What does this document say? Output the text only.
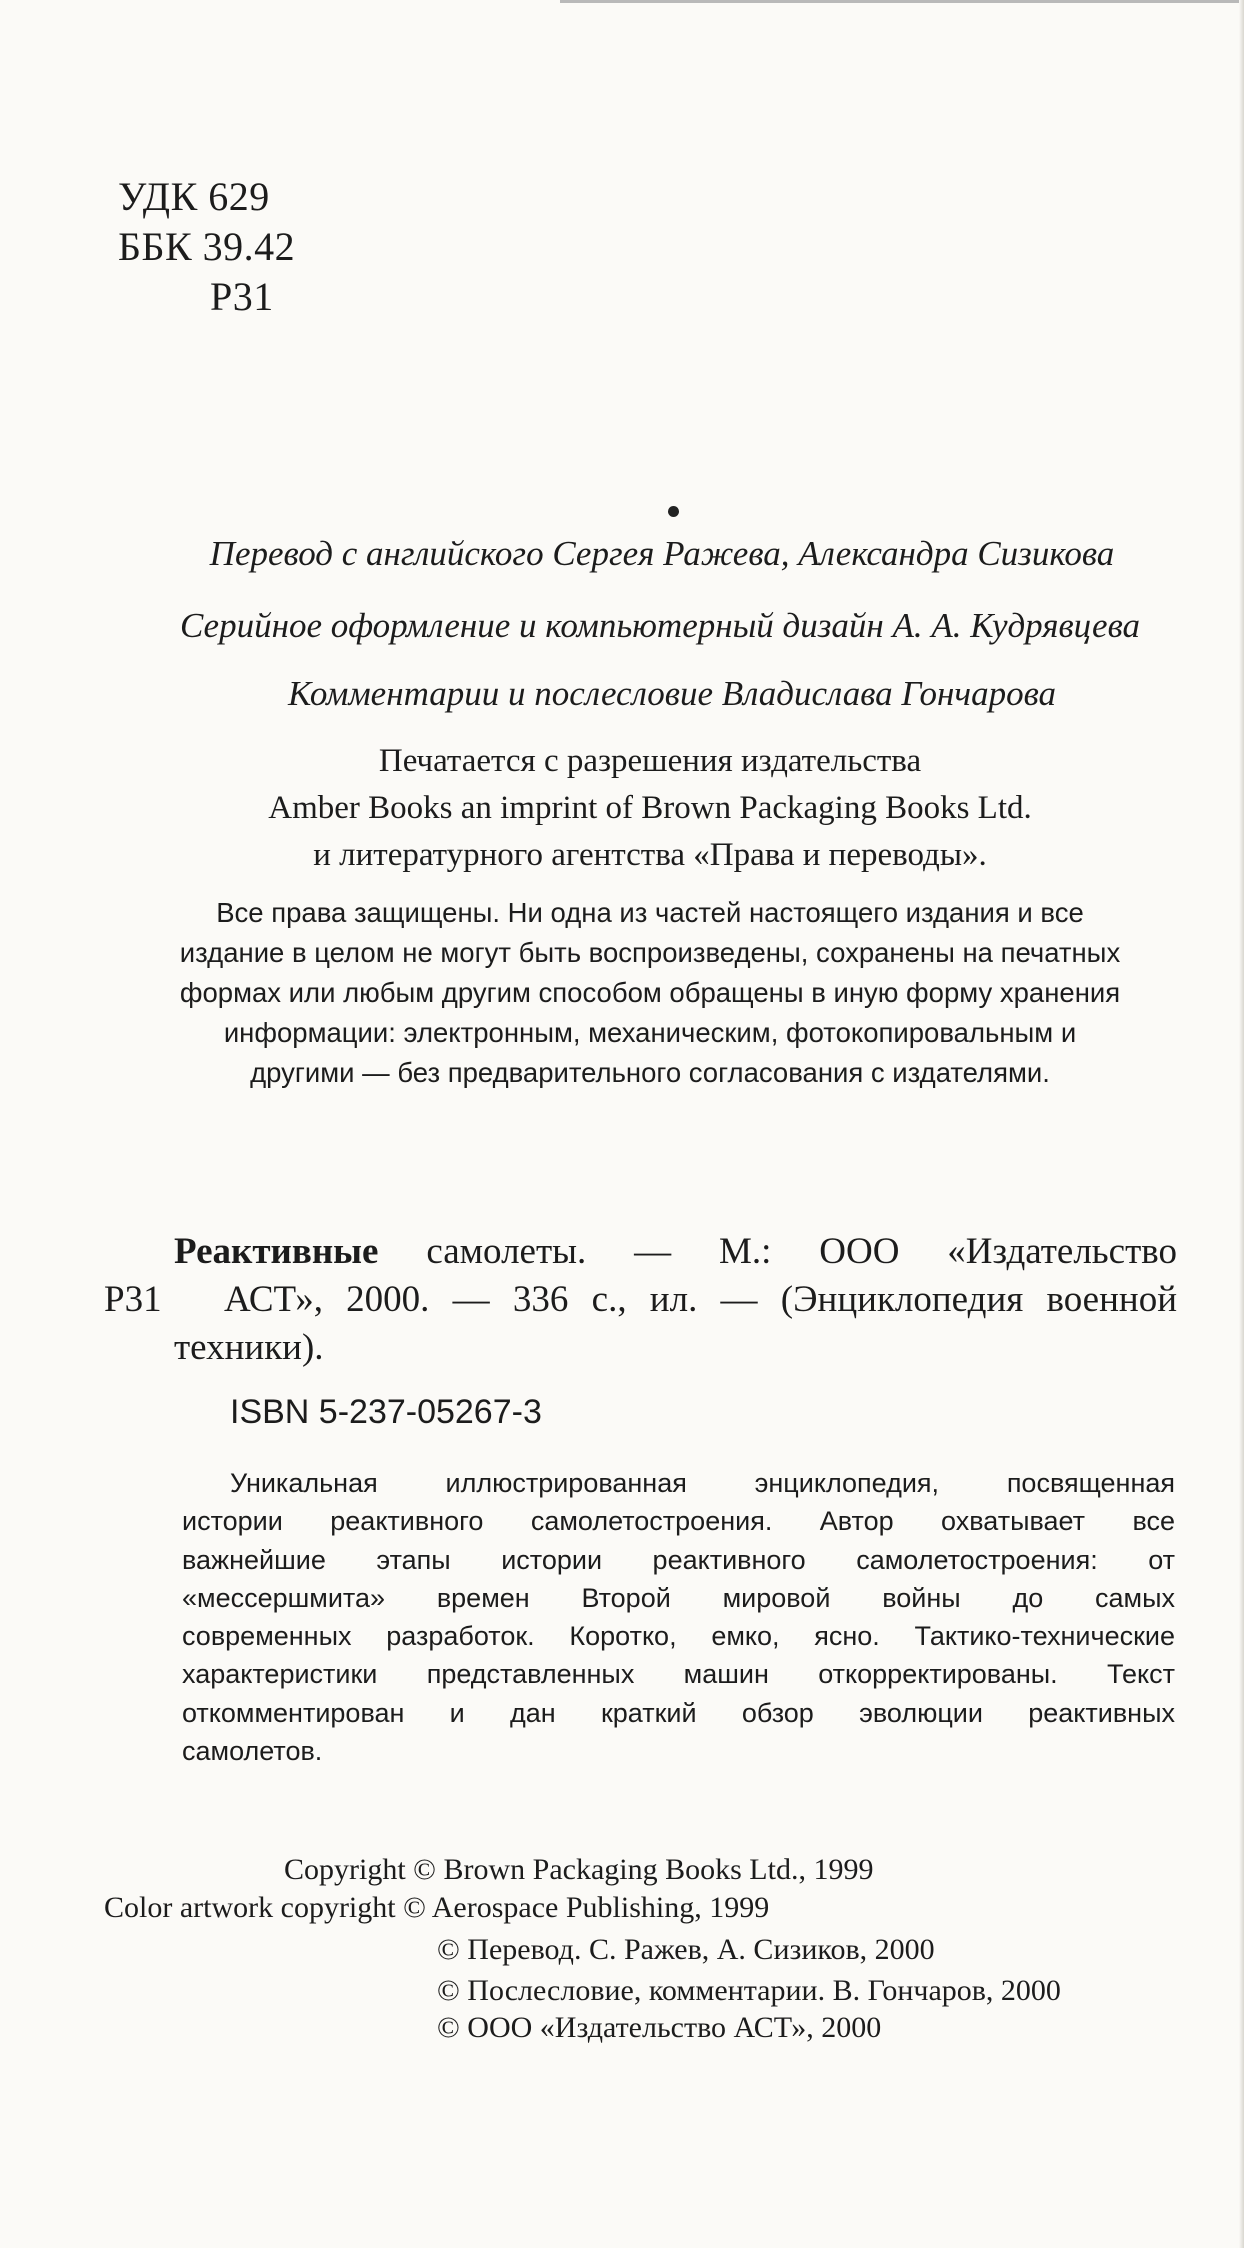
УДК 629
ББК 39.42
Р31
Перевод с английского Сергея Ражева, Александра Сизикова
Серийное оформление и компьютерный дизайн А. А. Кудрявцева
Комментарии и послесловие Владислава Гончарова
Печатается с разрешения издательства
Amber Books an imprint of Brown Packaging Books Ltd.
и литературного агентства «Права и переводы».
Все права защищены. Ни одна из частей настоящего издания и все
издание в целом не могут быть воспроизведены, сохранены на печатных
формах или любым другим способом обращены в иную форму хранения
информации: электронным, механическим, фотокопировальным и
другими — без предварительного согласования с издателями.
Р31
Реактивные самолеты. — М.: ООО «Издательство
АСТ», 2000. — 336 с., ил. — (Энциклопедия военной
техники).
ISBN 5-237-05267-3
Уникальная иллюстрированная энциклопедия, посвященная
истории реактивного самолетостроения. Автор охватывает все
важнейшие этапы истории реактивного самолетостроения: от
«мессершмита» времен Второй мировой войны до самых
современных разработок. Коротко, емко, ясно. Тактико-технические
характеристики представленных машин откорректированы. Текст
откомментирован и дан краткий обзор эволюции реактивных
самолетов.
Copyright © Brown Packaging Books Ltd., 1999
Color artwork copyright © Aerospace Publishing, 1999
© Перевод. С. Ражев, А. Сизиков, 2000
© Послесловие, комментарии. В. Гончаров, 2000
© ООО «Издательство АСТ», 2000
